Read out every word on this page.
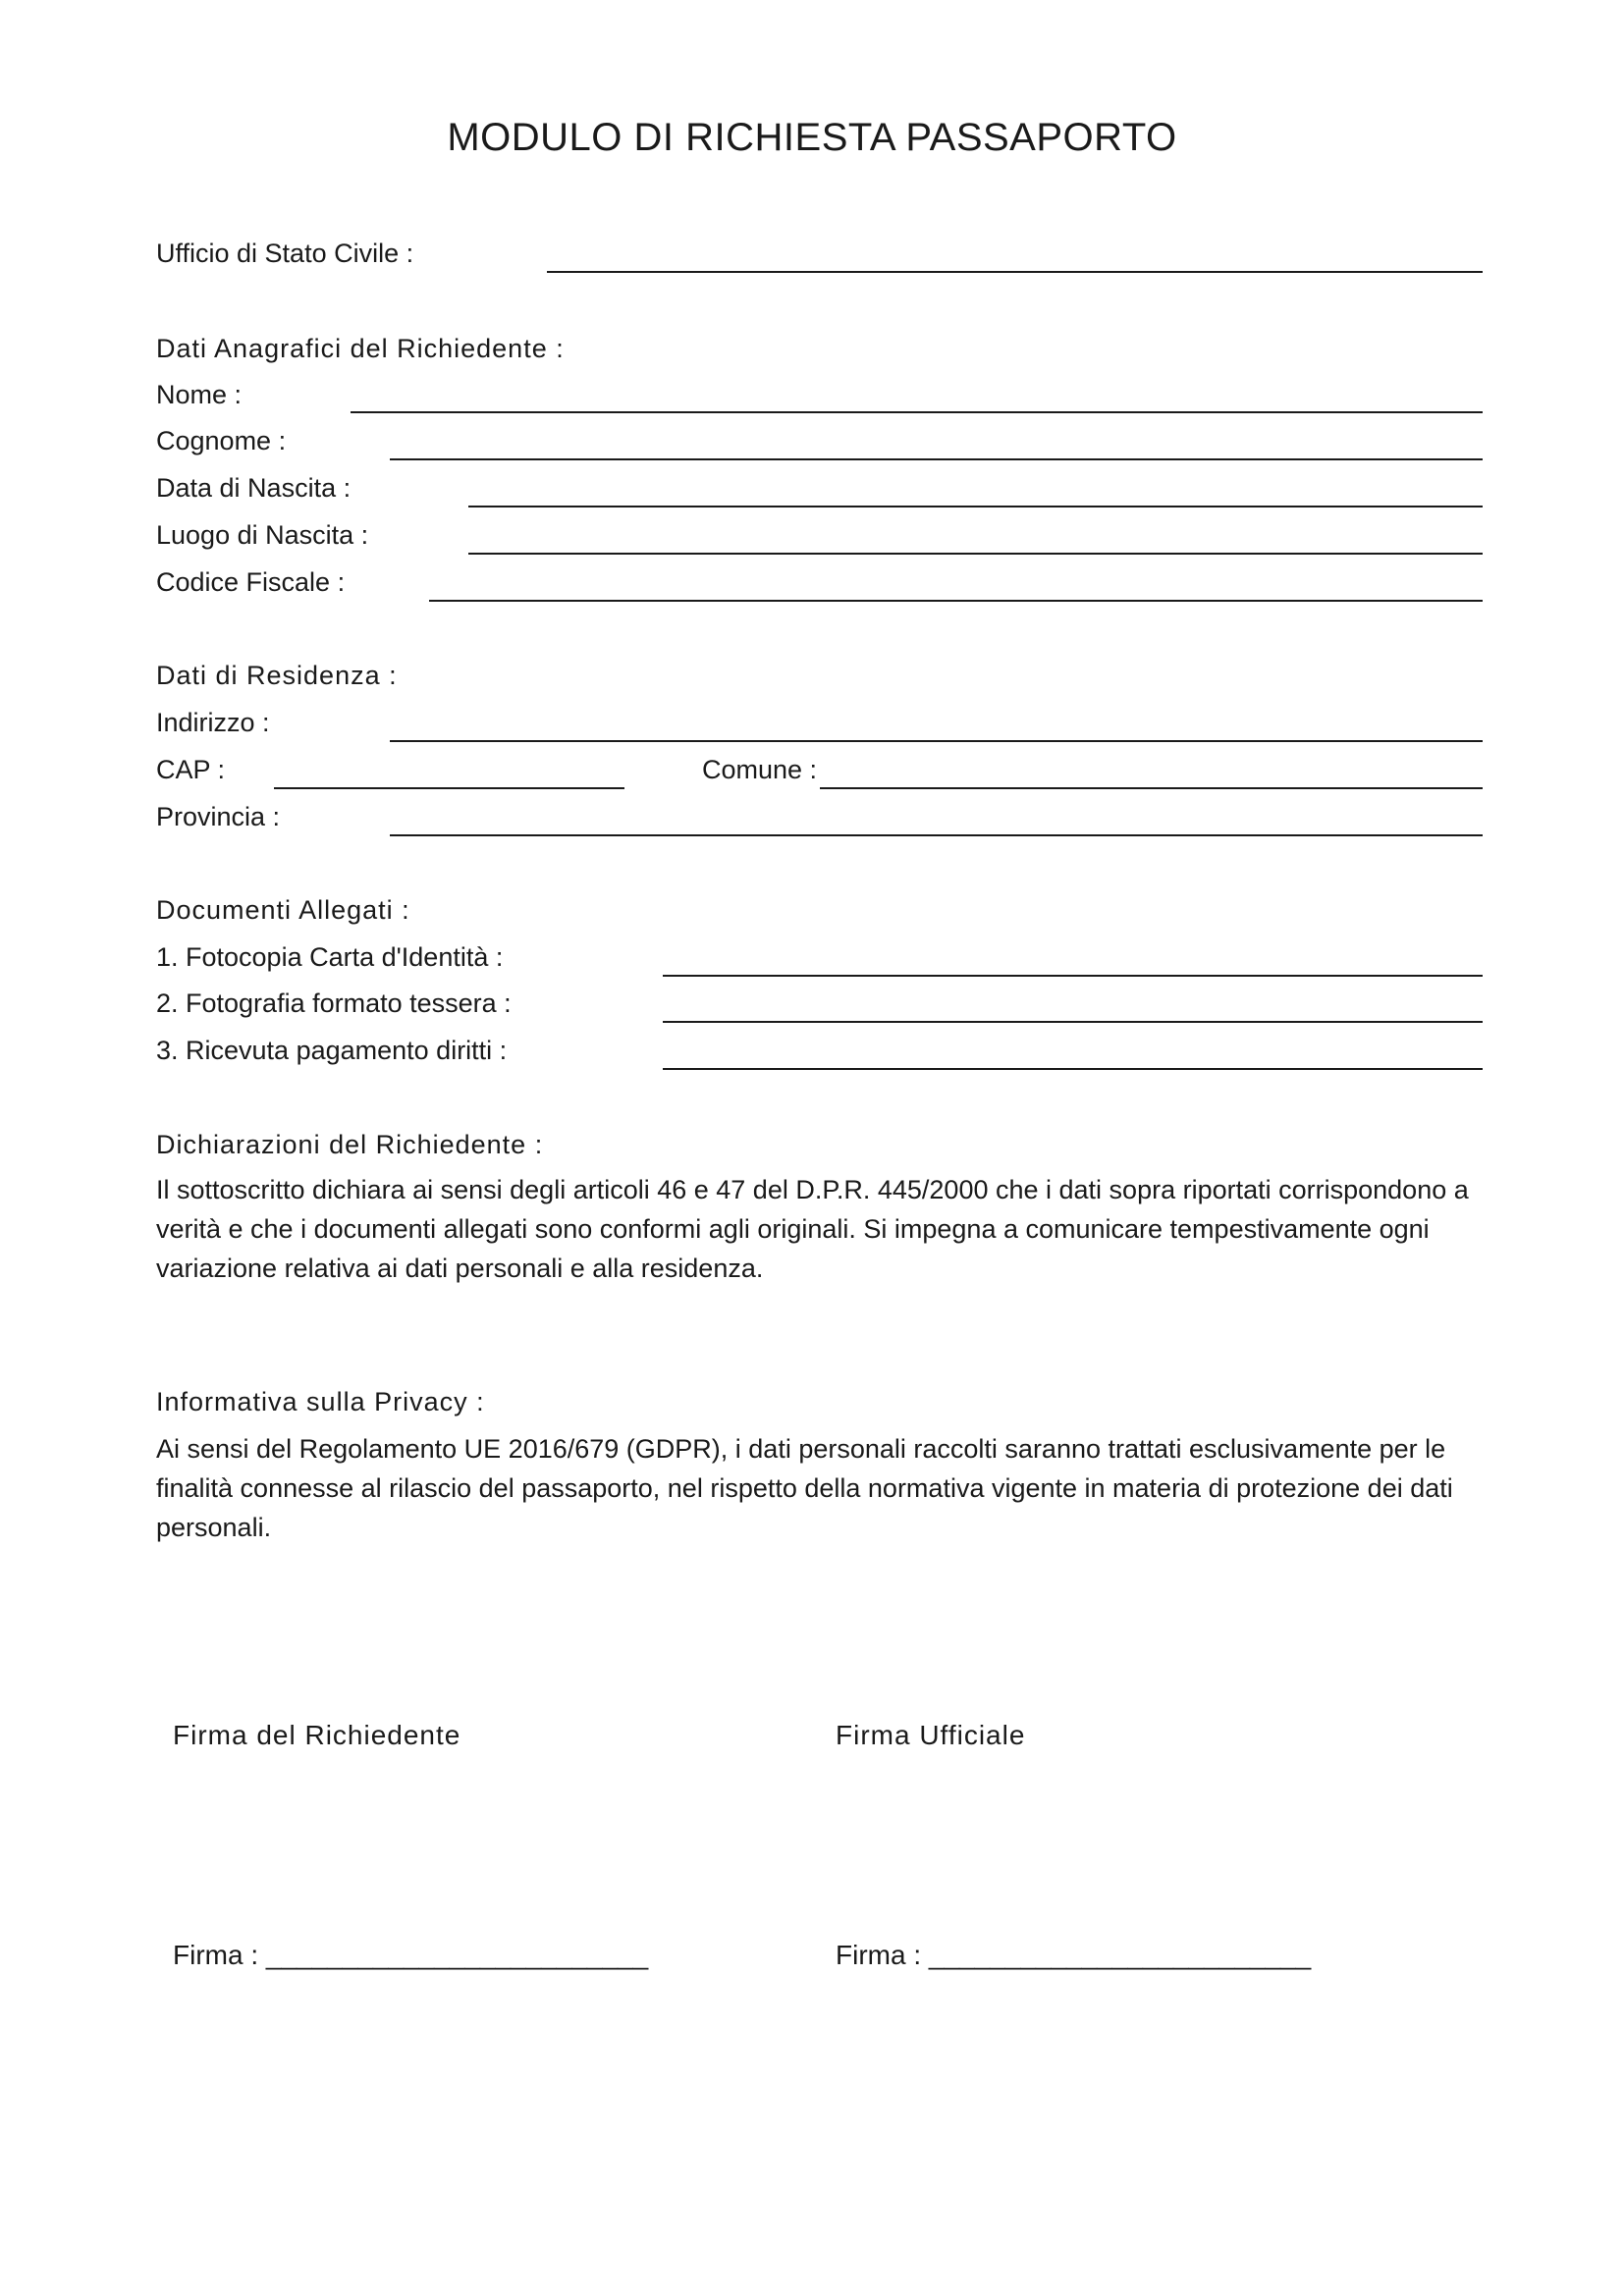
MODULO DI RICHIESTA PASSAPORTO
Ufficio di Stato Civile :
Dati Anagrafici del Richiedente :
Nome :
Cognome :
Data di Nascita :
Luogo di Nascita :
Codice Fiscale :
Dati di Residenza :
Indirizzo :
CAP :	Comune :
Provincia :
Documenti Allegati :
1. Fotocopia Carta d'Identità :
2. Fotografia formato tessera :
3. Ricevuta pagamento diritti :
Dichiarazioni del Richiedente :
Il sottoscritto dichiara ai sensi degli articoli 46 e 47 del D.P.R. 445/2000 che i dati sopra riportati corrispondono a verità e che i documenti allegati sono conformi agli originali. Si impegna a comunicare tempestivamente ogni variazione relativa ai dati personali e alla residenza.
Informativa sulla Privacy :
Ai sensi del Regolamento UE 2016/679 (GDPR), i dati personali raccolti saranno trattati esclusivamente per le finalità connesse al rilascio del passaporto, nel rispetto della normativa vigente in materia di protezione dei dati personali.
Firma del Richiedente	Firma Ufficiale
Firma : _________________________	Firma : _________________________
